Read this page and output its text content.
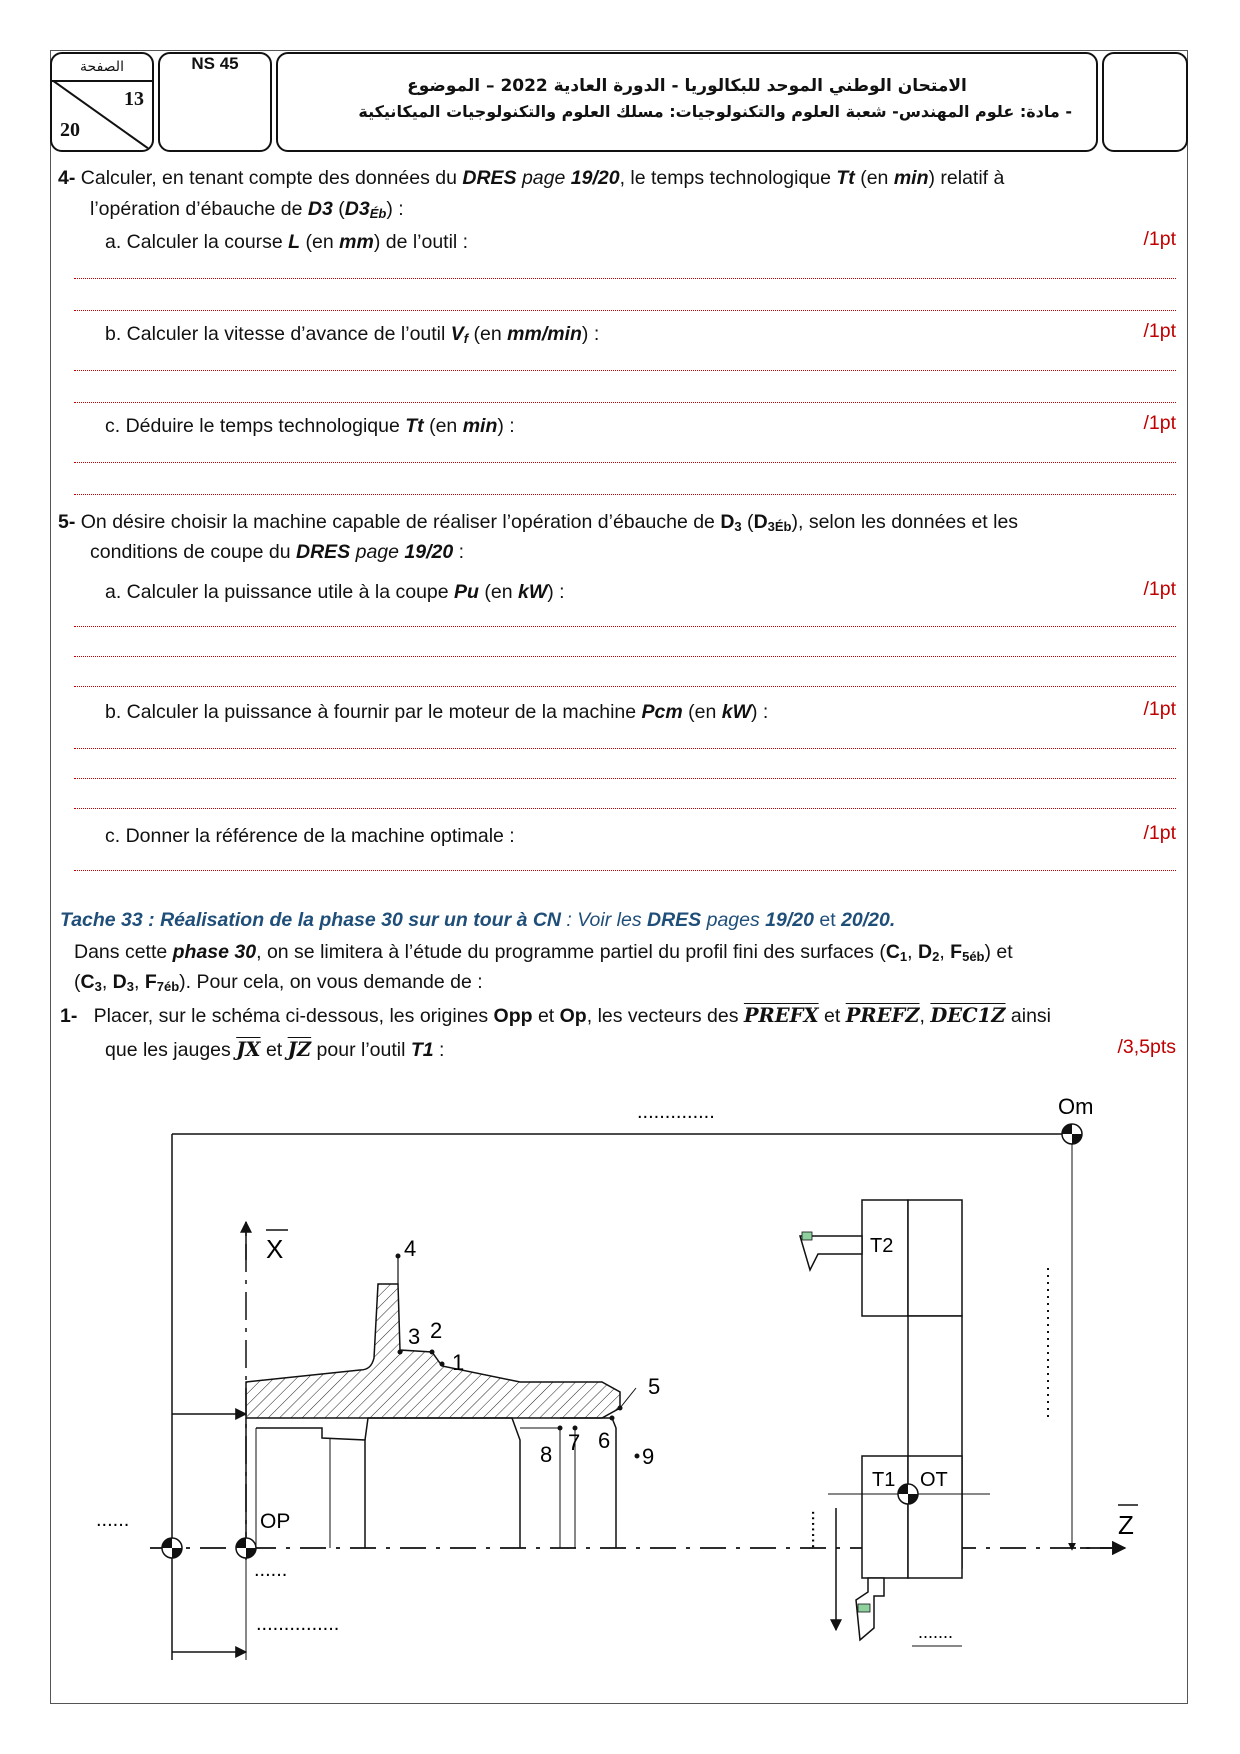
الصفحة
13
20
NS 45
الامتحان الوطني الموحد للبكالوريا - الدورة العادية 2022 – الموضوع
- مادة: علوم المهندس- شعبة العلوم والتكنولوجيات: مسلك العلوم والتكنولوجيات الميكانيكية
4- Calculer, en tenant compte des données du DRES page 19/20, le temps technologique Tt (en min) relatif à
l’opération d’ébauche de D3 $(D3_{Éb})$ :
a. Calculer la course L (en mm) de l’outil :	/1pt
b. Calculer la vitesse d’avance de l’outil $V_f$ (en mm/min) :	/1pt
c. Déduire le temps technologique Tt (en min) :	/1pt
5- On désire choisir la machine capable de réaliser l’opération d’ébauche de $D_3$ $(D_{3Éb})$, selon les données et les
conditions de coupe du DRES page 19/20 :
a. Calculer la puissance utile à la coupe Pu (en kW) :	/1pt
b. Calculer la puissance à fournir par le moteur de la machine Pcm (en kW) :	/1pt
c. Donner la référence de la machine optimale :	/1pt
Tache 33 : Réalisation de la phase 30 sur un tour à CN : Voir les DRES pages 19/20 et 20/20.
Dans cette phase 30, on se limitera à l’étude du programme partiel du profil fini des surfaces ($C_1$, $D_2$, $F_{5éb}$) et
($C_3$, $D_3$, $F_{7éb}$). Pour cela, on vous demande de :
1- Placer, sur le schéma ci-dessous, les origines Opp et Op, les vecteurs des PREFX et PREFZ, DEC1Z ainsi
que les jauges $\overline{JX}$ et $\overline{JZ}$ pour l’outil T1 :	/3,5pts
..............	Om
Z
X	4
3 2
1
5
6
7
8	9
OP
......
......
...............
T2
T1 OT
.......
.......
